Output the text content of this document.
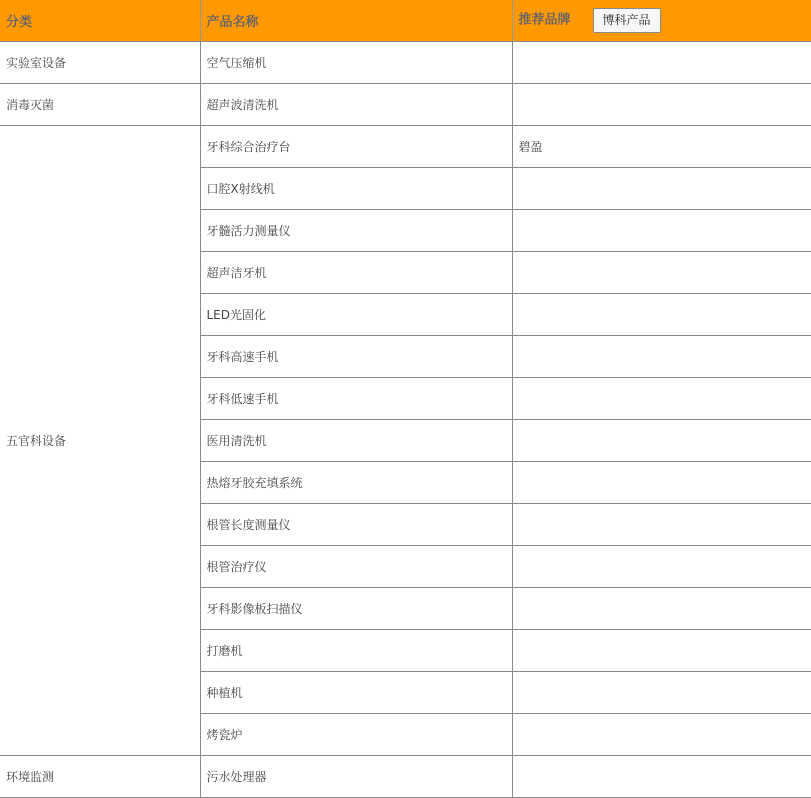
分类	产品名称	推荐品牌 博科产品
实验室设备	空气压缩机	
消毒灭菌	超声波清洗机	
五官科设备	牙科综合治疗台	碧盈
	口腔X射线机	
	牙髓活力测量仪	
	超声洁牙机	
	LED光固化	
	牙科高速手机	
	牙科低速手机	
	医用清洗机	
	热熔牙胶充填系统	
	根管长度测量仪	
	根管治疗仪	
	牙科影像板扫描仪	
	打磨机	
	种植机	
	烤瓷炉	
环境监测	污水处理器	
